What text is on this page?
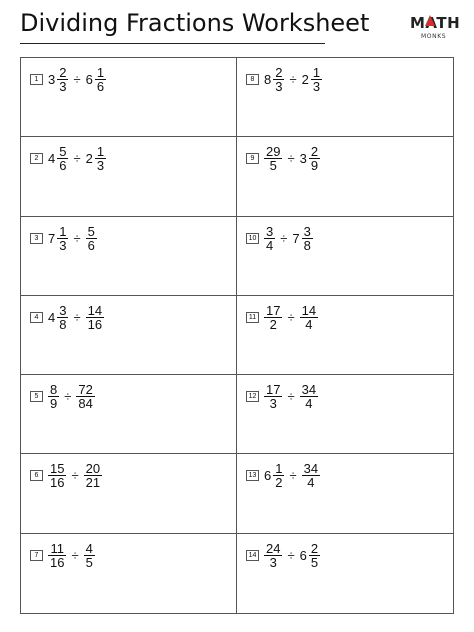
Dividing Fractions Worksheet	MATH
MONKS
1 $3 \frac{2}{3} \div 6 \frac{1}{6}$	8 $8 \frac{2}{3} \div 2 \frac{1}{3}$
2 $4 \frac{5}{6} \div 2 \frac{1}{3}$	$9 \frac{29}{5} \div 3 \frac{2}{9}$
3 $7 \frac{1}{3} \div \frac{5}{6}$	$10 \frac{3}{4} \div 7 \frac{3}{8}$
4 $4 \frac{3}{8} \div \frac{14}{16}$	$11 \frac{17}{2} \div \frac{14}{4}$
$5 \frac{8}{9} \div \frac{72}{84}$	$12 \frac{17}{3} \div \frac{34}{4}$
$6 \frac{15}{16} \div \frac{20}{21}$	13 $6 \frac{1}{2} \div \frac{34}{4}$
$7 \frac{11}{16} \div \frac{4}{5}$	$14 \frac{24}{3} \div 6 \frac{2}{5}$
